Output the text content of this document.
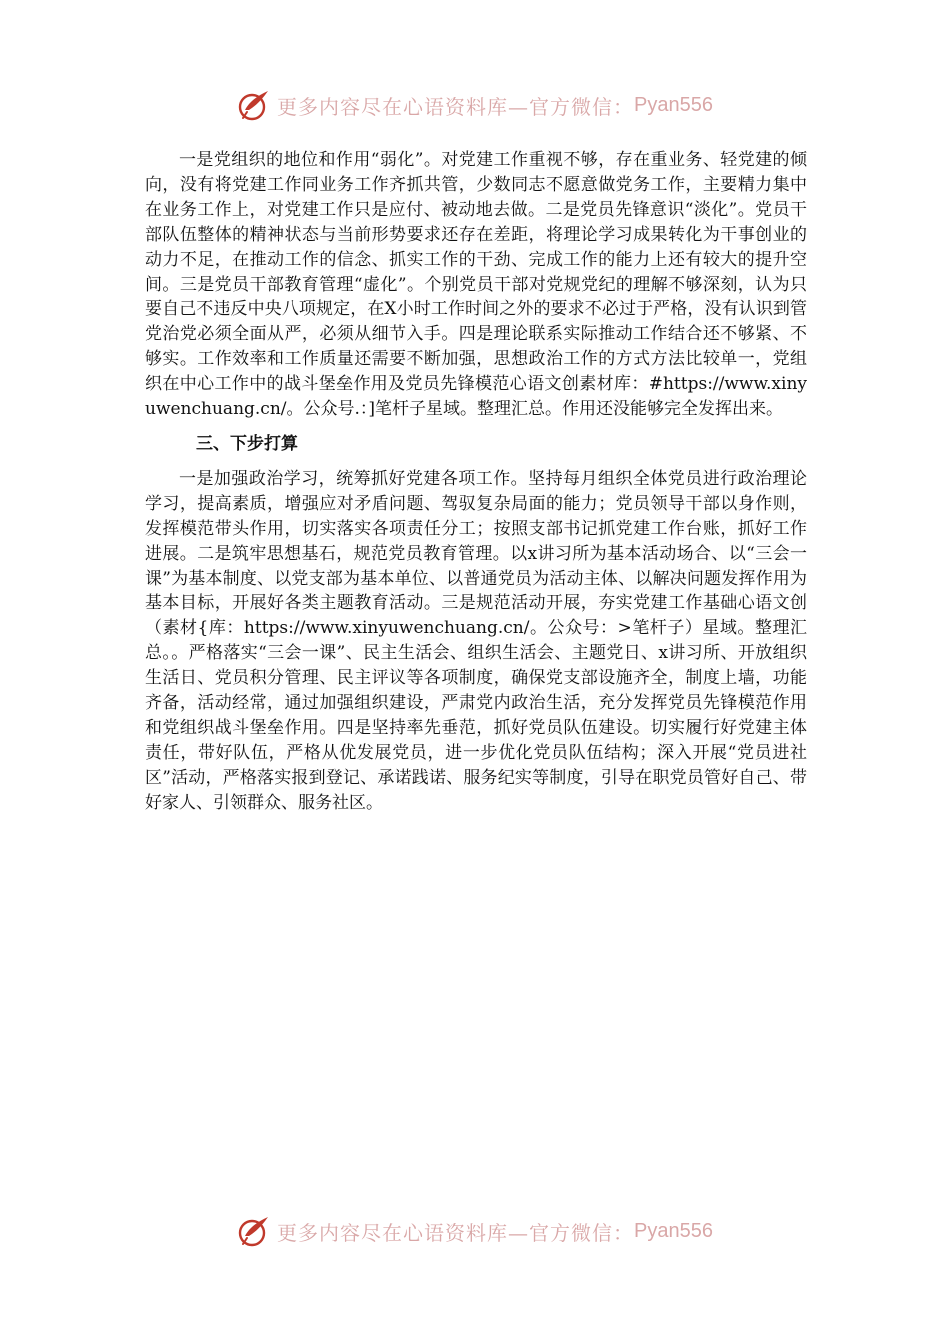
更多内容尽在心语资料库—官方微信： Pyan556

一是党组织的地位和作用“弱化”。对党建工作重视不够，存在重业务、轻党建的倾向，没有将党建工作同业务工作齐抓共管，少数同志不愿意做党务工作，主要精力集中在业务工作上，对党建工作只是应付、被动地去做。二是党员先锋意识“淡化”。党员干部队伍整体的精神状态与当前形势要求还存在差距，将理论学习成果转化为干事创业的动力不足，在推动工作的信念、抓实工作的干劲、完成工作的能力上还有较大的提升空间。三是党员干部教育管理“虚化”。个别党员干部对党规党纪的理解不够深刻，认为只要自己不违反中央八项规定，在X小时工作时间之外的要求不必过于严格，没有认识到管党治党必须全面从严，必须从细节入手。四是理论联系实际推动工作结合还不够紧、不够实。工作效率和工作质量还需要不断加强，思想政治工作的方式方法比较单一，党组织在中心工作中的战斗堡垒作用及党员先锋模范心语文创素材库：#https://www.xinyuwenchuang.cn/。公众号.：]笔杆子星域。整理汇总。作用还没能够完全发挥出来。

三、下步打算

一是加强政治学习，统筹抓好党建各项工作。坚持每月组织全体党员进行政治理论学习，提高素质，增强应对矛盾问题、驾驭复杂局面的能力；党员领导干部以身作则，发挥模范带头作用，切实落实各项责任分工；按照支部书记抓党建工作台账，抓好工作进展。二是筑牢思想基石，规范党员教育管理。以x讲习所为基本活动场合、以“三会一课”为基本制度、以党支部为基本单位、以普通党员为活动主体、以解决问题发挥作用为基本目标，开展好各类主题教育活动。三是规范活动开展，夯实党建工作基础心语文创（素材{库：https://www.xinyuwenchuang.cn/。公众号：>笔杆子）星域。整理汇总。。严格落实“三会一课”、民主生活会、组织生活会、主题党日、x讲习所、开放组织生活日、党员积分管理、民主评议等各项制度，确保党支部设施齐全，制度上墙，功能齐备，活动经常，通过加强组织建设，严肃党内政治生活，充分发挥党员先锋模范作用和党组织战斗堡垒作用。四是坚持率先垂范，抓好党员队伍建设。切实履行好党建主体责任，带好队伍，严格从优发展党员，进一步优化党员队伍结构；深入开展“党员进社区”活动，严格落实报到登记、承诺践诺、服务纪实等制度，引导在职党员管好自己、带好家人、引领群众、服务社区。

更多内容尽在心语资料库—官方微信： Pyan556
